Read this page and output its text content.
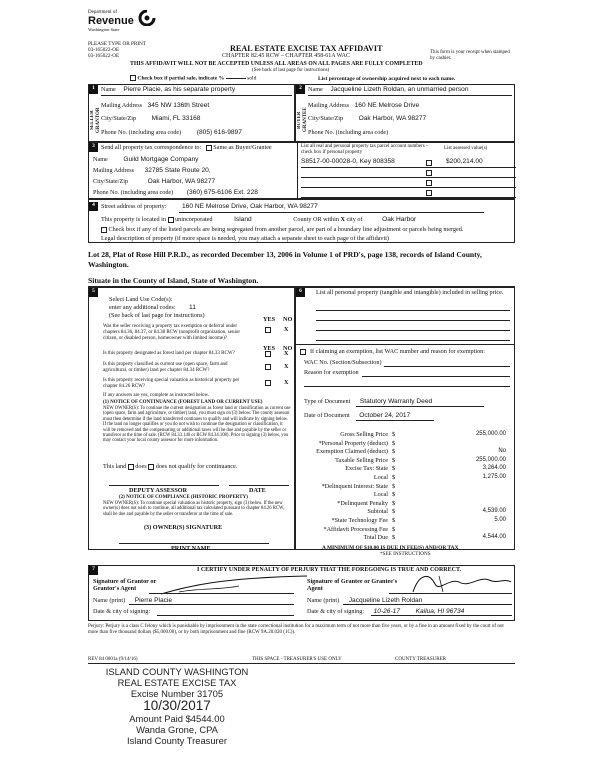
Department of
Revenue
Washington State
PLEASE TYPE OR PRINT
03-165022-OE
03-165022-OE
REAL ESTATE EXCISE TAX AFFIDAVIT
CHAPTER 82.45 RCW – CHAPTER 458-61A WAC
THIS AFFIDAVIT WILL NOT BE ACCEPTED UNLESS ALL AREAS ON ALL PAGES ARE FULLY COMPLETED
(See back of last page for instructions)
This form is your receipt when stamped by cashier.
Check box if partial sale, indicate %	sold	List percentage of ownership acquired next to each name.
1
SELLER GRANTOR
Name Pierre Placie, as his separate property
Mailing Address 345 NW 136th Street
City/State/Zip Miami, FL 33168
Phone No. (including area code) (805) 616-9897
2
BUYER GRANTEE
Name Jacqueline Lizeth Roldan, an unmarried person
Mailing Address 160 NE Melrose Drive
City/State/Zip Oak Harbor, WA 98277
Phone No. (including area code)
3 Send all property tax correspondence to: Same as Buyer/Grantee
Name Guild Mortgage Company
Mailing Address 32785 State Route 20,
City/State/Zip	Oak Harbor, WA 98277
Phone No. (including area code) (360) 675-6106 Ext. 228
List all real and personal property tax parcel account numbers – check box if personal property
List assessed value(s)
S8517-00-00028-0, Key 808358	$200,214.00
4 Street address of property: 160 NE Melrose Drive, Oak Harbor, WA 98277
This property is located in unincorporated	Island	County OR within X city of	Oak Harbor
Check box if any of the listed parcels are being segregated from another parcel, are part of a boundary line adjustment or parcels being merged.
Legal description of property (if more space is needed, you may attach a separate sheet to each page of the affidavit)
Lot 28, Plat of Rose Hill P.R.D., as recorded December 13, 2006 in Volume 1 of PRD's, page 138, records of Island County, Washington.
Situate in the County of Island, State of Washington.
5
Select Land Use Code(s):
enter any additional codes: 11
(See back of last page for instructions)
YES NO
Was the seller receiving a property tax exemption or deferral under chapters 84.36, 84.37, or 84.38 RCW (nonprofit organization, senior citizen, or disabled person, homeowner with limited income)?
X
YES NO
Is this property designated as forest land per chapter 84.33 RCW?	X
Is this property classified as current use (open space, farm and agricultural, or timber) land per chapter 84.34 RCW?
X
Is this property receiving special valuation as historical property per chapter 84.26 RCW?
X
If any answers are yes, complete as instructed below.
(1) NOTICE OF CONTINUANCE (FOREST LAND OR CURRENT USE)
NEW OWNER(S): To continue the current designation as forest land or classification as current use (open space, farm and agriculture, or timber) land, you must sign on (3) below. The county assessor must then determine if the land transferred continues to qualify and will indicate by signing below. If the land no longer qualifies or you do not wish to continue the designation or classification, it will be removed and the compensating or additional taxes will be due and payable by the seller or transferor at the time of sale. (RCW 84.33.140 or RCW 84.34.108). Prior to signing (3) below, you may contact your local county assessor for more information.
This land does does not qualify for continuance.
DEPUTY ASSESSOR	DATE
(2) NOTICE OF COMPLIANCE (HISTORIC PROPERTY)
NEW OWNER(S): To continue special valuation as historic property, sign (3) below. If the new owner(s) does not wish to continue, all additional tax calculated pursuant to chapter 84.26 RCW, shall be due and payable by the seller or transferor at the time of sale.
(3) OWNER(S) SIGNATURE
PRINT NAME
6	List all personal property (tangible and intangible) included in selling price.
If claiming an exemption, list WAC number and reason for exemption:
WAC No. (Section/Subsection)
Reason for exemption
Type of Document Statutory Warranty Deed
Date of Document October 24, 2017
Gross Selling Price $	255,000.00
*Personal Property (deduct) $
Exemption Claimed (deduct) $	No
Taxable Selling Price $	255,000.00
Excise Tax: State $	3,264.00
Local $	1,275.00
*Delinquent Interest: State $
Local $
*Delinquent Penalty $
Subtotal $	4,539.00
*State Technology Fee $	5.00
*Affidavit Processing Fee $
Total Due $	4,544.00
A MINIMUM OF $10.00 IS DUE IN FEE(S) AND/OR TAX
*SEE INSTRUCTIONS
7	I CERTIFY UNDER PENALTY OF PERJURY THAT THE FOREGOING IS TRUE AND CORRECT.
Signature of Grantor or Grantor's Agent
Name (print) Pierre Placie
Date & city of signing:
Signature of Grantee or Grantee's Agent
Name (print) Jacqueline Lizeth Roldan
Date & city of signing: 10-26-17 Kailua, HI 96734
Perjury: Perjury is a class C felony which is punishable by imprisonment in the state correctional institution for a maximum term of not more than five years, or by a fine in an amount fixed by the court of not more than five thousand dollars ($5,000.00), or by both imprisonment and fine (RCW 9A.20.020 (1C)).
REV 84 0001a (9/14/16)	THIS SPACE - TREASURER'S USE ONLY	COUNTY TREASURER
ISLAND COUNTY WASHINGTON
REAL ESTATE EXCISE TAX
Excise Number 31705
10/30/2017
Amount Paid $4544.00
Wanda Grone, CPA
Island County Treasurer
